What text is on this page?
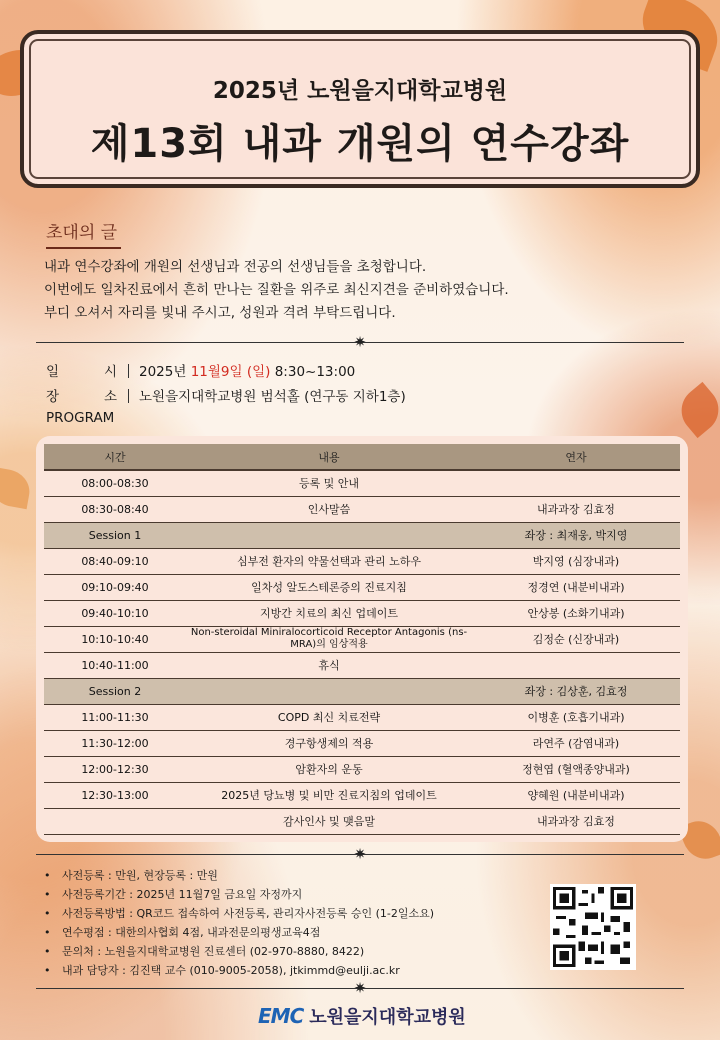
2025년 노원을지대학교병원
제13회 내과 개원의 연수강좌
초대의 글
내과 연수강좌에 개원의 선생님과 전공의 선생님들을 초청합니다.
이번에도 일차진료에서 흔히 만나는 질환을 위주로 최신지견을 준비하였습니다.
부디 오셔서 자리를 빛내 주시고, 성원과 격려 부탁드립니다.
✷
일	시 2025년 11월9일 (일) 8:30~13:00
장	소 노원을지대학교병원 범석홀 (연구동 지하1층)
PROGRAM
시간	내용	연자
08:00-08:30	등록 및 안내	
08:30-08:40	인사말씀	내과과장 김효정
Session 1		좌장 : 최재웅, 박지영
08:40-09:10	심부전 환자의 약물선택과 관리 노하우	박지영 (심장내과)
09:10-09:40	일차성 알도스테론증의 진료지침	정경연 (내분비내과)
09:40-10:10	지방간 치료의 최신 업데이트	안상봉 (소화기내과)
10:10-10:40	Non-steroidal Miniralocorticoid Receptor Antagonis (ns-MRA)의 임상적용	김정순 (신장내과)
10:40-11:00	휴식	
Session 2		좌장 : 김상훈, 김효정
11:00-11:30	COPD 최신 치료전략	이병훈 (호흡기내과)
11:30-12:00	경구항생제의 적용	라연주 (감염내과)
12:00-12:30	암환자의 운동	정현엽 (혈액종양내과)
12:30-13:00	2025년 당뇨병 및 비만 진료지침의 업데이트	양혜원 (내분비내과)
	감사인사 및 맺음말	내과과장 김효정
✷
• 사전등록 : 만원, 현장등록 : 만원
• 사전등록기간 : 2025년 11월7일 금요일 자정까지
• 사전등록방법 : QR코드 접속하여 사전등록, 관리자사전등록 승인 (1-2일소요)
• 연수평점 : 대한의사협회 4점, 내과전문의평생교육4점
• 문의처 : 노원을지대학교병원 진료센터 (02-970-8880, 8422)
• 내과 담당자 : 김진택 교수 (010-9005-2058), jtkimmd@eulji.ac.kr
✷
EMC 노원을지대학교병원
